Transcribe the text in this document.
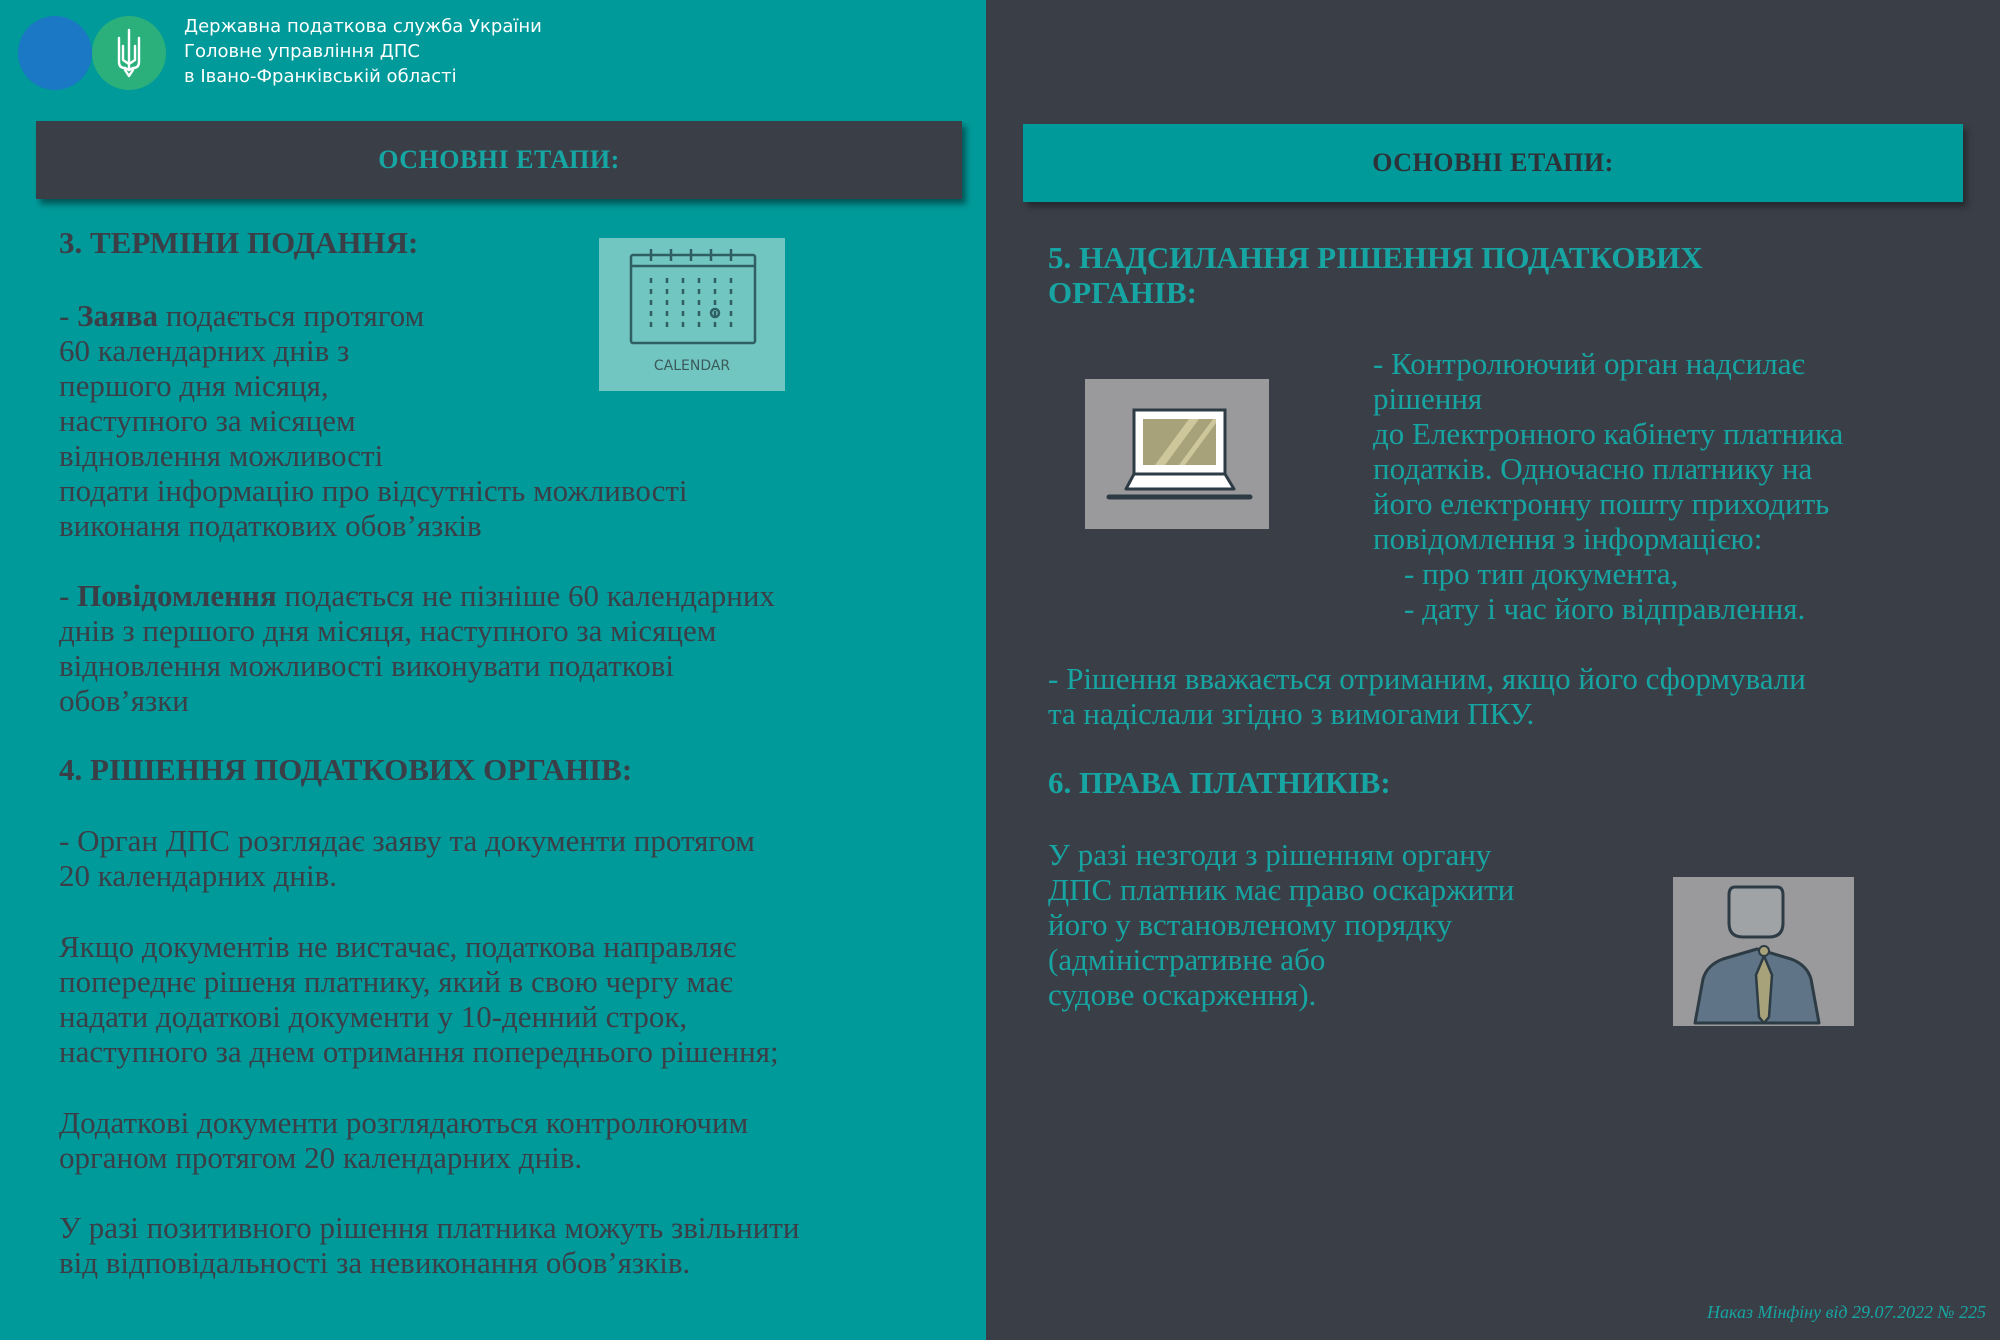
Державна податкова служба України
Головне управління ДПС
в Івано-Франківській області
ОСНОВНІ ЕТАПИ:	ОСНОВНІ ЕТАПИ:
3. ТЕРМІНИ ПОДАННЯ:
CALENDAR
- Заява подається протягом
60 календарних днів з
першого дня місяця,
наступного за місяцем
відновлення можливості
подати інформацію про відсутність можливості
виконаня податкових обов’язків
- Повідомлення подається не пізніше 60 календарних
днів з першого дня місяця, наступного за місяцем
відновлення можливості виконувати податкові
обов’язки
4. РІШЕННЯ ПОДАТКОВИХ ОРГАНІВ:
- Орган ДПС розглядає заяву та документи протягом
20 календарних днів.
Якщо документів не вистачає, податкова направляє
попереднє рішеня платнику, який в свою чергу має
надати додаткові документи у 10-денний строк,
наступного за днем отримання попереднього рішення;
Додаткові документи розглядаються контролюючим
органом протягом 20 календарних днів.
У разі позитивного рішення платника можуть звільнити
від відповідальності за невиконання обов’язків.
5. НАДСИЛАННЯ РІШЕННЯ ПОДАТКОВИХ
ОРГАНІВ:
- Контролюючий орган надсилає
рішення
до Електронного кабінету платника
податків. Одночасно платнику на
його електронну пошту приходить
повідомлення з інформацією:
- про тип документа,
- дату і час його відправлення.
- Рішення вважається отриманим, якщо його сформували
та надіслали згідно з вимогами ПКУ.
6. ПРАВА ПЛАТНИКІВ:
У разі незгоди з рішенням органу
ДПС платник має право оскаржити
його у встановленому порядку
(адміністративне або
судове оскарження).
Наказ Мінфіну від 29.07.2022 № 225
